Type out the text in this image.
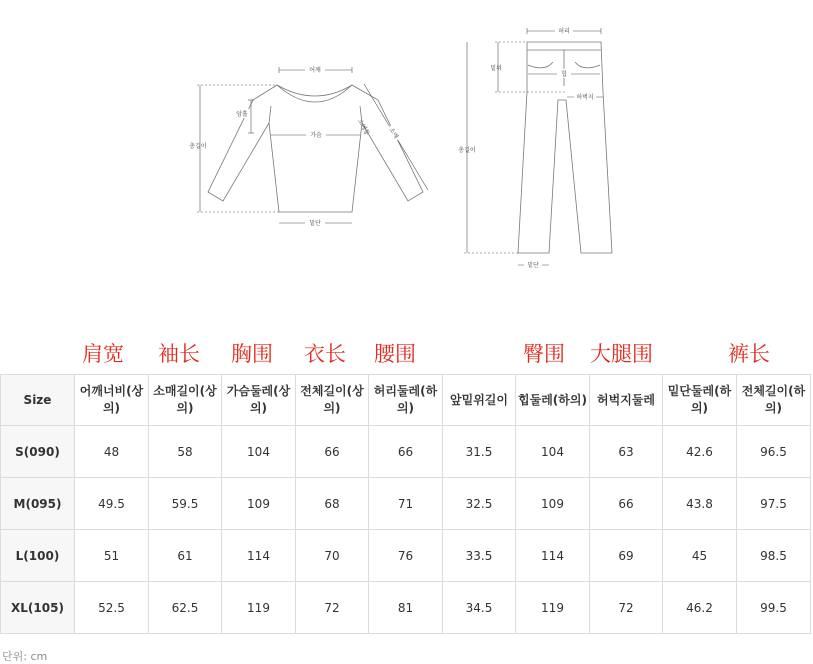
어깨
암홀
총길이
가슴	소매통	소매
밑단
허리
밑위
힙
허벅지
총길이
밑단
肩宽 袖长 胸围 衣长 腰围	臀围 大腿围	裤长
Size	어깨너비(상의)	소매길이(상의)	가슴둘레(상의)	전체길이(상의)	허리둘레(하의)	앞밑위길이	힙둘레(하의)	허벅지둘레	밑단둘레(하의)	전체길이(하의)
S(090)	48	58	104	66	66	31.5	104	63	42.6	96.5
M(095)	49.5	59.5	109	68	71	32.5	109	66	43.8	97.5
L(100)	51	61	114	70	76	33.5	114	69	45	98.5
XL(105)	52.5	62.5	119	72	81	34.5	119	72	46.2	99.5
단위: cm
